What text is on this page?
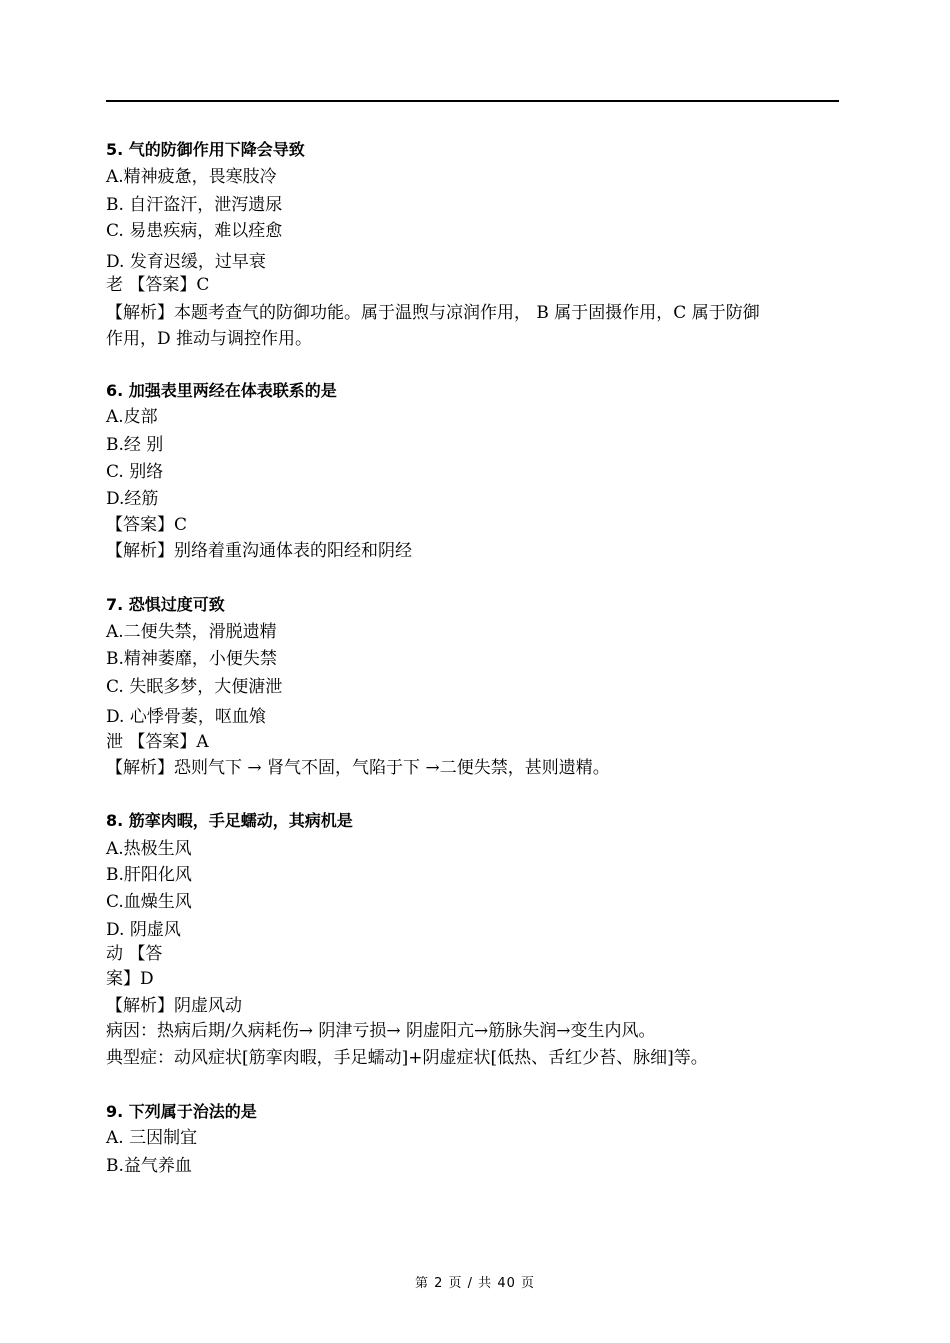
5. 气的防御作用下降会导致
A.精神疲惫，畏寒肢冷
B. 自汗盗汗，泄泻遗尿
C. 易患疾病，难以痊愈
D. 发育迟缓，过早衰
老 【答案】C
【解析】本题考查气的防御功能。属于温煦与凉润作用， B 属于固摄作用，C 属于防御
作用，D 推动与调控作用。
6. 加强表里两经在体表联系的是
A.皮部
B.经 别
C. 别络
D.经筋
【答案】C
【解析】别络着重沟通体表的阳经和阴经
7. 恐惧过度可致
A.二便失禁，滑脱遗精
B.精神萎靡，小便失禁
C. 失眠多梦，大便溏泄
D. 心悸骨萎，呕血飧
泄 【答案】A
【解析】恐则气下 → 肾气不固，气陷于下 →二便失禁，甚则遗精。
8. 筋挛肉暇，手足蠕动，其病机是
A.热极生风
B.肝阳化风
C.血燥生风
D. 阴虚风
动 【答
案】D
【解析】阴虚风动
病因：热病后期/久病耗伤→ 阴津亏损→ 阴虚阳亢→筋脉失润→变生内风。
典型症：动风症状[筋挛肉暇，手足蠕动]+阴虚症状[低热、舌红少苔、脉细]等。
9. 下列属于治法的是
A. 三因制宜
B.益气养血
第 2 页 / 共 40 页
